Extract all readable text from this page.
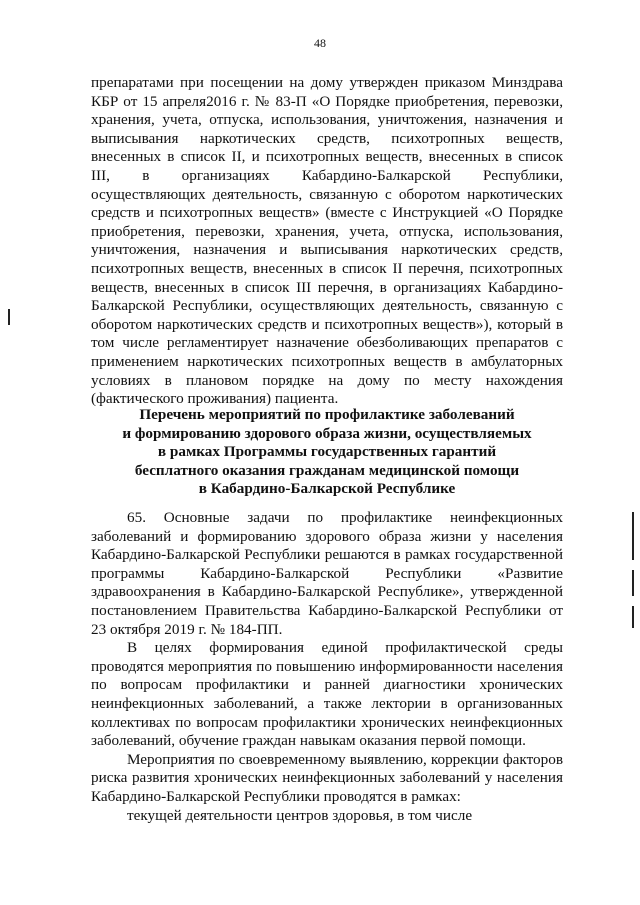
48

препаратами при посещении на дому утвержден приказом Минздрава КБР от 15 апреля2016 г. № 83-П «О Порядке приобретения, перевозки, хранения, учета, отпуска, использования, уничтожения, назначения и выписывания наркотических средств, психотропных веществ, внесенных в список II, и психотропных веществ, внесенных в список III, в организациях Кабардино-Балкарской Республики, осуществляющих деятельность, связанную с оборотом наркотических средств и психотропных веществ» (вместе с Инструкцией «О Порядке приобретения, перевозки, хранения, учета, отпуска, использования, уничтожения, назначения и выписывания наркотических средств, психотропных веществ, внесенных в список II перечня, психотропных веществ, внесенных в список III перечня, в организациях Кабардино-Балкарской Республики, осуществляющих деятельность, связанную с оборотом наркотических средств и психотропных веществ»), который в том числе регламентирует назначение обезболивающих препаратов с применением наркотических психотропных веществ в амбулаторных условиях в плановом порядке на дому по месту нахождения (фактического проживания) пациента.

Перечень мероприятий по профилактике заболеваний
и формированию здорового образа жизни, осуществляемых
в рамках Программы государственных гарантий
бесплатного оказания гражданам медицинской помощи
в Кабардино-Балкарской Республике

65. Основные задачи по профилактике неинфекционных заболеваний и формированию здорового образа жизни у населения Кабардино-Балкарской Республики решаются в рамках государственной программы Кабардино-Балкарской Республики «Развитие здравоохранения в Кабардино-Балкарской Республике», утвержденной постановлением Правительства Кабардино-Балкарской Республики от 23 октября 2019 г. № 184-ПП.

В целях формирования единой профилактической среды проводятся мероприятия по повышению информированности населения по вопросам профилактики и ранней диагностики хронических неинфекционных заболеваний, а также лектории в организованных коллективах по вопросам профилактики хронических неинфекционных заболеваний, обучение граждан навыкам оказания первой помощи.

Мероприятия по своевременному выявлению, коррекции факторов риска развития хронических неинфекционных заболеваний у населения Кабардино-Балкарской Республики проводятся в рамках:

текущей деятельности центров здоровья, в том числе
